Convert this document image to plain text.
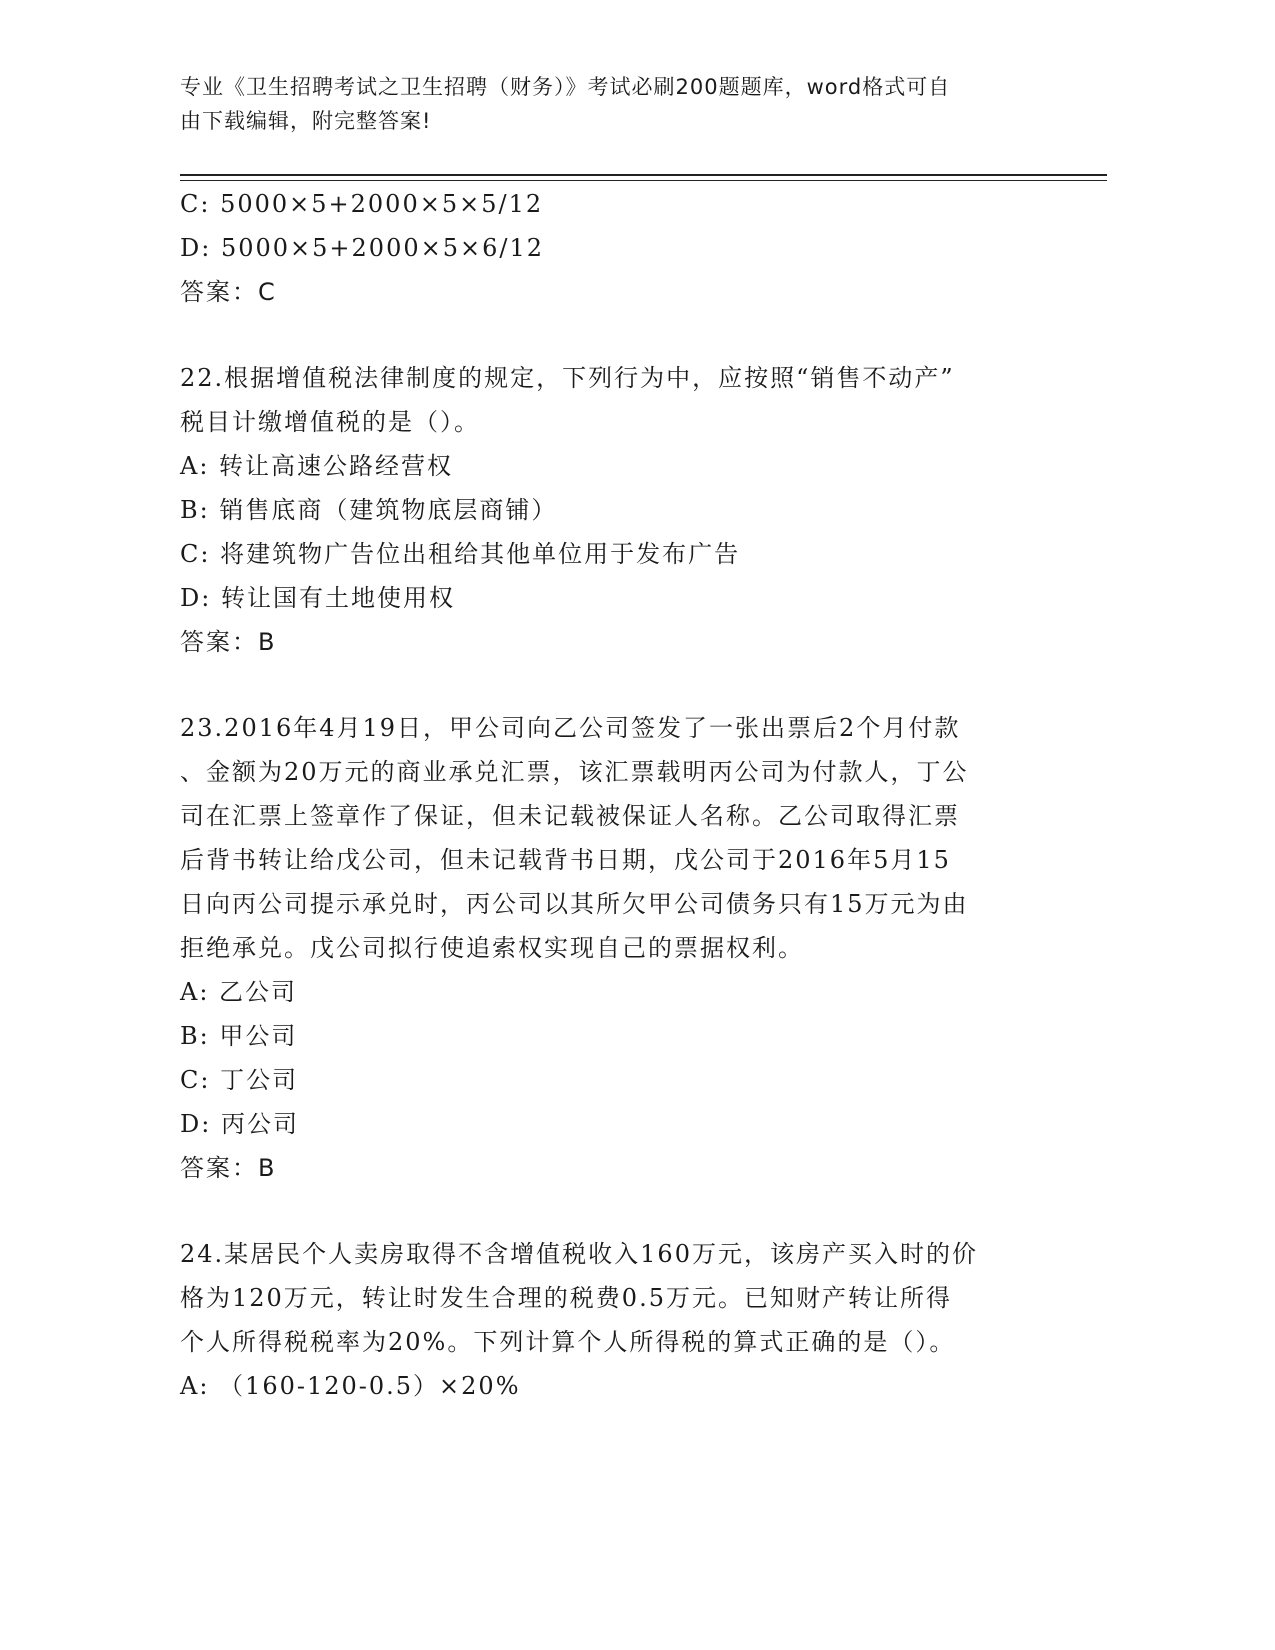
专业《卫生招聘考试之卫生招聘（财务）》考试必刷200题题库，word格式可自
由下载编辑，附完整答案!

C: 5000×5+2000×5×5/12

D: 5000×5+2000×5×6/12

答案：C

22.根据增值税法律制度的规定，下列行为中，应按照“销售不动产”

税目计缴增值税的是（）。

A: 转让高速公路经营权

B: 销售底商（建筑物底层商铺）

C: 将建筑物广告位出租给其他单位用于发布广告

D: 转让国有土地使用权

答案：B

23.2016年4月19日，甲公司向乙公司签发了一张出票后2个月付款

、金额为20万元的商业承兑汇票，该汇票载明丙公司为付款人，丁公

司在汇票上签章作了保证，但未记载被保证人名称。乙公司取得汇票

后背书转让给戊公司，但未记载背书日期，戊公司于2016年5月15

日向丙公司提示承兑时，丙公司以其所欠甲公司债务只有15万元为由

拒绝承兑。戊公司拟行使追索权实现自己的票据权利。

A: 乙公司

B: 甲公司

C: 丁公司

D: 丙公司

答案：B

24.某居民个人卖房取得不含增值税收入160万元，该房产买入时的价

格为120万元，转让时发生合理的税费0.5万元。已知财产转让所得

个人所得税税率为20%。下列计算个人所得税的算式正确的是（）。

A: （160-120-0.5）×20%
